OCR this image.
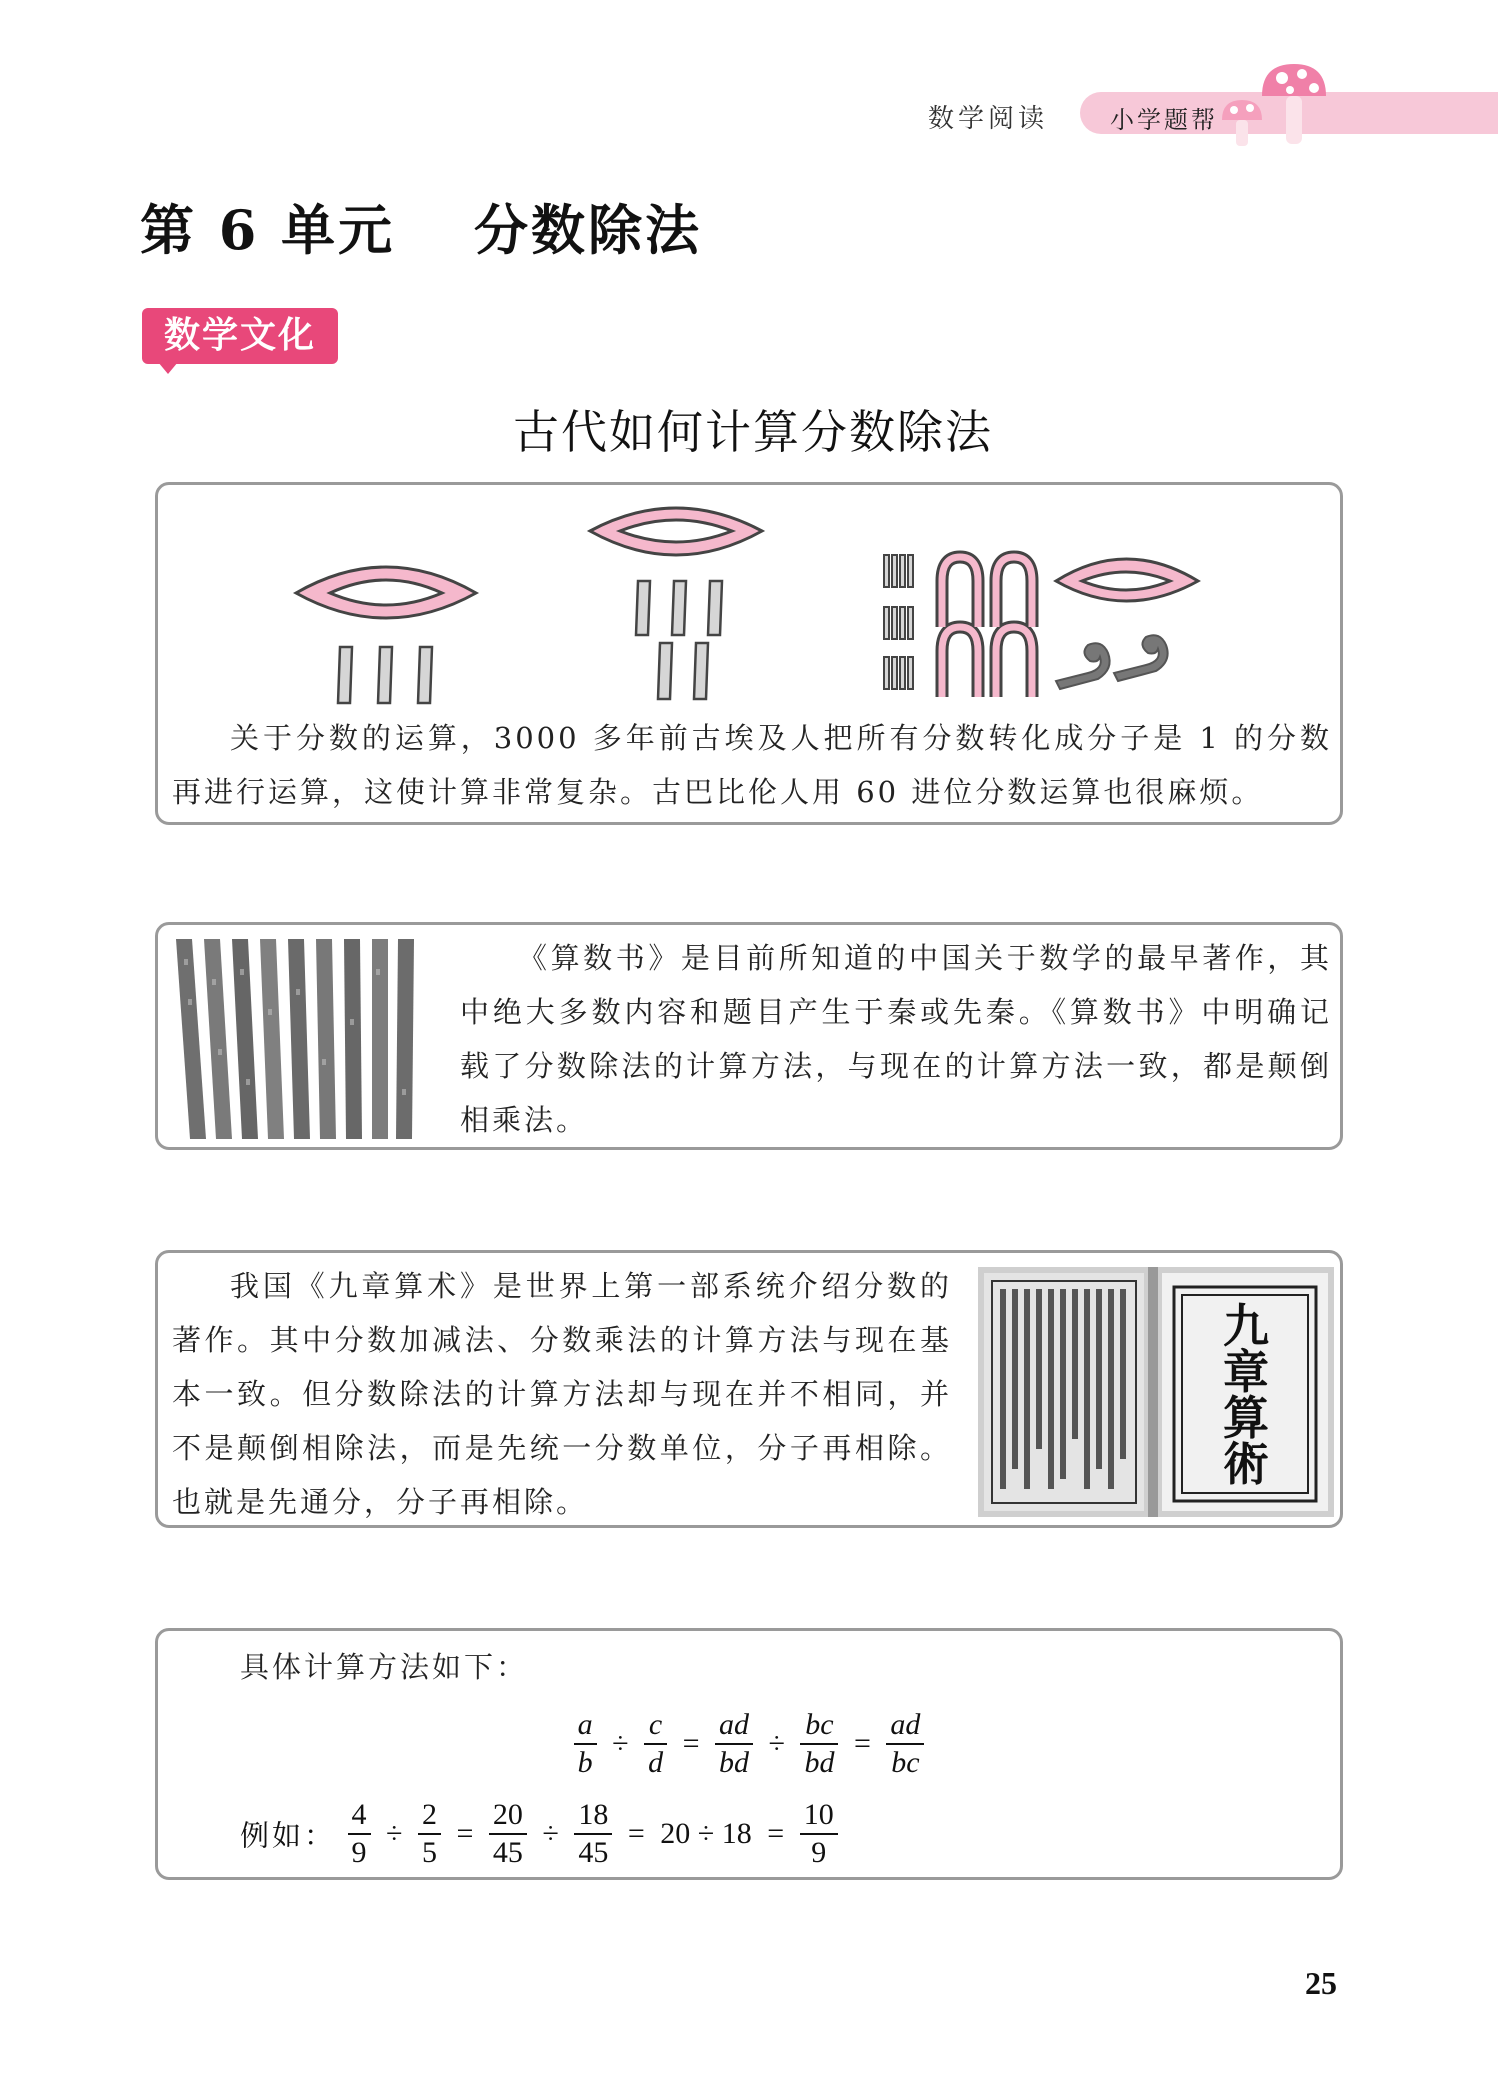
数学阅读	小学题帮
第 6 单元　 分数除法
数学文化
古代如何计算分数除法
关于分数的运算，3000 多年前古埃及人把所有分数转化成分子是 1 的分数再进行运算，这使计算非常复杂。古巴比伦人用 60 进位分数运算也很麻烦。
《算数书》是目前所知道的中国关于数学的最早著作，其中绝大多数内容和题目产生于秦或先秦。《算数书》中明确记载了分数除法的计算方法，与现在的计算方法一致，都是颠倒相乘法。
我国《九章算术》是世界上第一部系统介绍分数的著作。其中分数加减法、分数乘法的计算方法与现在基本一致。但分数除法的计算方法却与现在并不相同，并不是颠倒相除法，而是先统一分数单位，分子再相除。也就是先通分，分子再相除。
九章算術
具体计算方法如下：
$\frac{a}{b} \div \frac{c}{d} = \frac{ad}{bd} \div \frac{bc}{bd} = \frac{ad}{bc}$
例如： $\frac{4}{9} \div \frac{2}{5} = \frac{20}{45} \div \frac{18}{45} = 20 \div 18 = \frac{10}{9}$
25
